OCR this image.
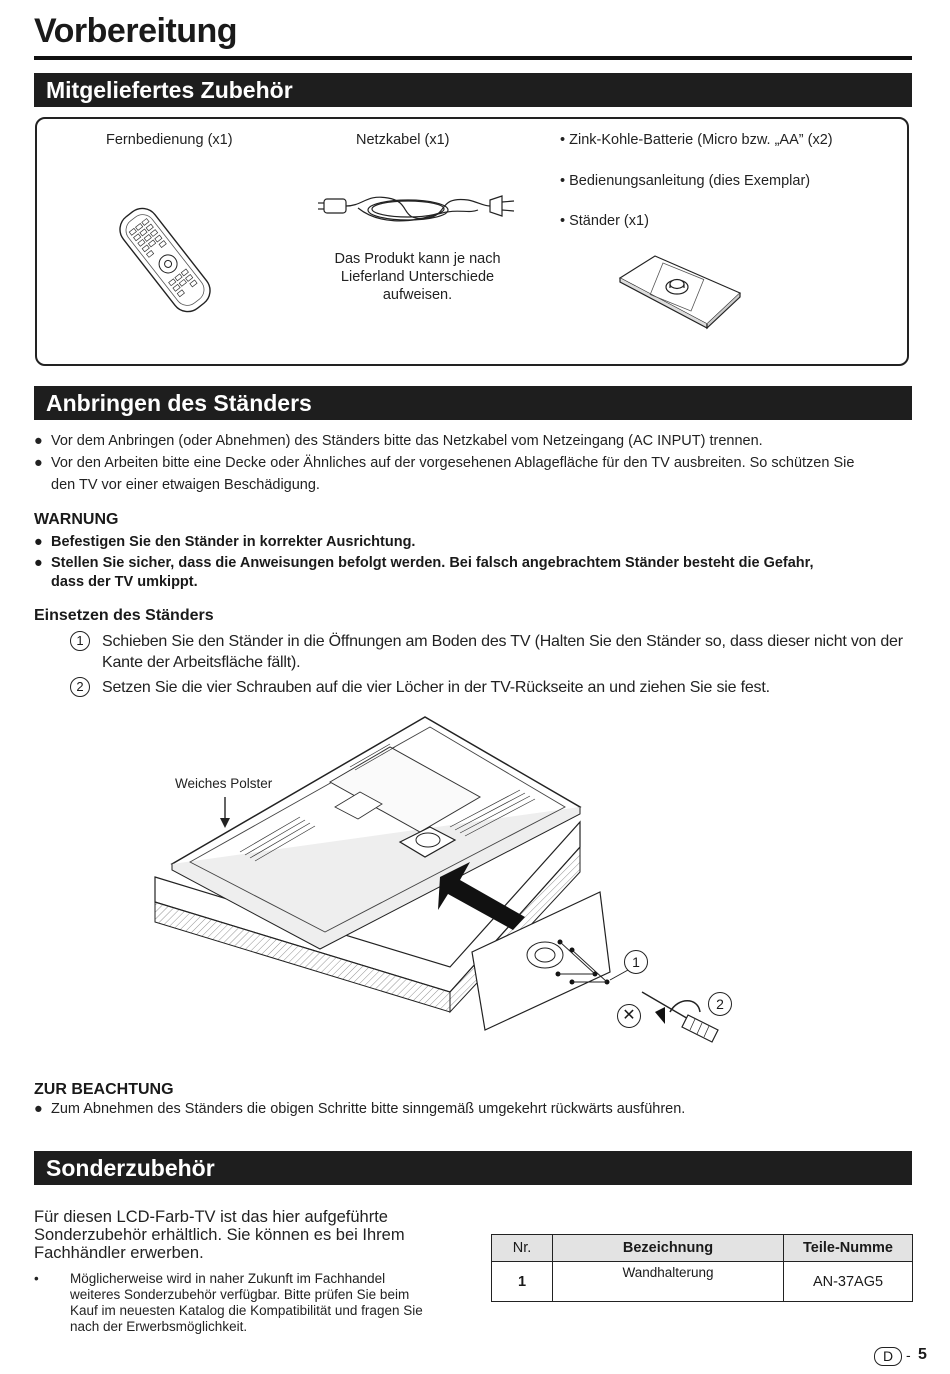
Vorbereitung
Mitgeliefertes Zubehör
Fernbedienung (x1)	Netzkabel (x1)	• Zink-Kohle-Batterie (Micro bzw. „AA” (x2)
• Bedienungsanleitung (dies Exemplar)
• Ständer (x1)
Das Produkt kann je nach
Lieferland Unterschiede
aufweisen.
Anbringen des Ständers
● Vor dem Anbringen (oder Abnehmen) des Ständers bitte das Netzkabel vom Netzeingang (AC INPUT) trennen.
● Vor den Arbeiten bitte eine Decke oder Ähnliches auf der vorgesehenen Ablagefläche für den TV ausbreiten. So schützen Sie
den TV vor einer etwaigen Beschädigung.
WARNUNG
● Befestigen Sie den Ständer in korrekter Ausrichtung.
● Stellen Sie sicher, dass die Anweisungen befolgt werden. Bei falsch angebrachtem Ständer besteht die Gefahr,
dass der TV umkippt.
Einsetzen des Ständers
1	Schieben Sie den Ständer in die Öffnungen am Boden des TV (Halten Sie den Ständer so, dass dieser nicht von der
Kante der Arbeitsfläche fällt).
2	Setzen Sie die vier Schrauben auf die vier Löcher in der TV-Rückseite an und ziehen Sie sie fest.
Weiches Polster
1
2
✕
ZUR BEACHTUNG
● Zum Abnehmen des Ständers die obigen Schritte bitte sinngemäß umgekehrt rückwärts ausführen.
Sonderzubehör
Für diesen LCD-Farb-TV ist das hier aufgeführte
Sonderzubehör erhältlich. Sie können es bei Ihrem
Fachhändler erwerben.
• Möglicherweise wird in naher Zukunft im Fachhandel
weiteres Sonderzubehör verfügbar. Bitte prüfen Sie beim
Kauf im neuesten Katalog die Kompatibilität und fragen Sie
nach der Erwerbsmöglichkeit.
Nr.	Bezeichnung	Teile-Numme
1	Wandhalterung	AN-37AG5
D - 5
